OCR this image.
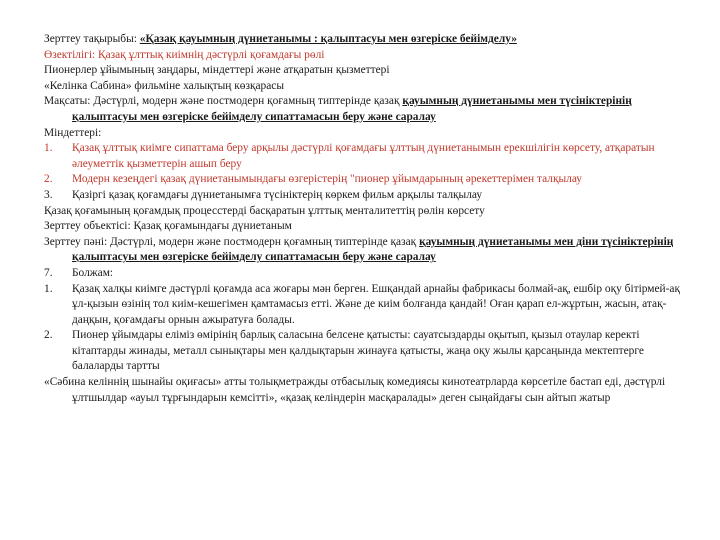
Зерттеу тақырыбы: «Қазақ қауымның дүниетанымы : қалыптасуы мен өзгеріске бейімделу»
Өзектілігі: Қазақ ұлттық киімнің дәстүрлі қоғамдағы рөлі
Пионерлер ұйымының заңдары, міндеттері және атқаратын қызметтері
«Келінка Сабина» фильміне халықтың көзқарасы
Мақсаты: Дәстүрлі, модерн және постмодерн қоғамның типтерінде қазақ қауымның дүниетанымы мен түсініктерінің қалыптасуы мен өзгеріске бейімделу сипаттамасын беру және саралау
Міндеттері:
1.	Қазақ ұлттық киімге сипаттама беру арқылы дәстүрлі қоғамдағы ұлттың дүниетанымын ерекшілігін көрсету, атқаратын әлеуметтік қызметтерін ашып беру
2.	Модерн кезеңдегі қазақ дүниетанымындағы өзгерістерің "пионер ұйымдарының әрекеттерімен талқылау
3.	Қазіргі қазақ қоғамдағы дүниетанымға түсініктерің көркем фильм арқылы талқылау
Қазақ қоғамының қоғамдық процесстерді басқаратын ұлттық менталитеттің рөлін көрсету
Зерттеу объектісі: Қазақ қоғамындағы дүниетаным
Зерттеу пәні: Дәстүрлі, модерн және постмодерн қоғамның типтерінде қазақ қауымның дүниетанымы мен діни түсініктерінің қалыптасуы мен өзгеріске бейімделу сипаттамасын беру және саралау
7.	Болжам:
1.	Қазақ халқы киімге дәстүрлі қоғамда аса жоғары мән берген. Ешқандай арнайы фабрикасы болмай-ақ, ешбір оқу бітірмей-ақ ұл-қызын өзінің тол киім-кешегімен қамтамасыз етті. Және де киім болғанда қандай! Оған қарап ел-жұртын, жасын, атақ-даңқын, қоғамдағы орнын ажыратуға болады.
2.	Пионер ұйымдары еліміз өмірінің барлық саласына белсене қатысты: сауатсыздарды оқытып, қызыл отаулар керекті кітаптарды жинады, металл сынықтары мен қалдықтарын жинауға қатысты, жаңа оқу жылы қарсаңында мектептерге балаларды тартты
«Сәбина келіннің шынайы оқиғасы» атты толықметражды отбасылық комедиясы кинотеатрларда көрсетіле бастап еді, дәстүрлі ұлтшылдар «ауыл тұрғындарын кемсітті», «қазақ келіндерін масқаралады» деген сыңайдағы сын айтып жатыр
